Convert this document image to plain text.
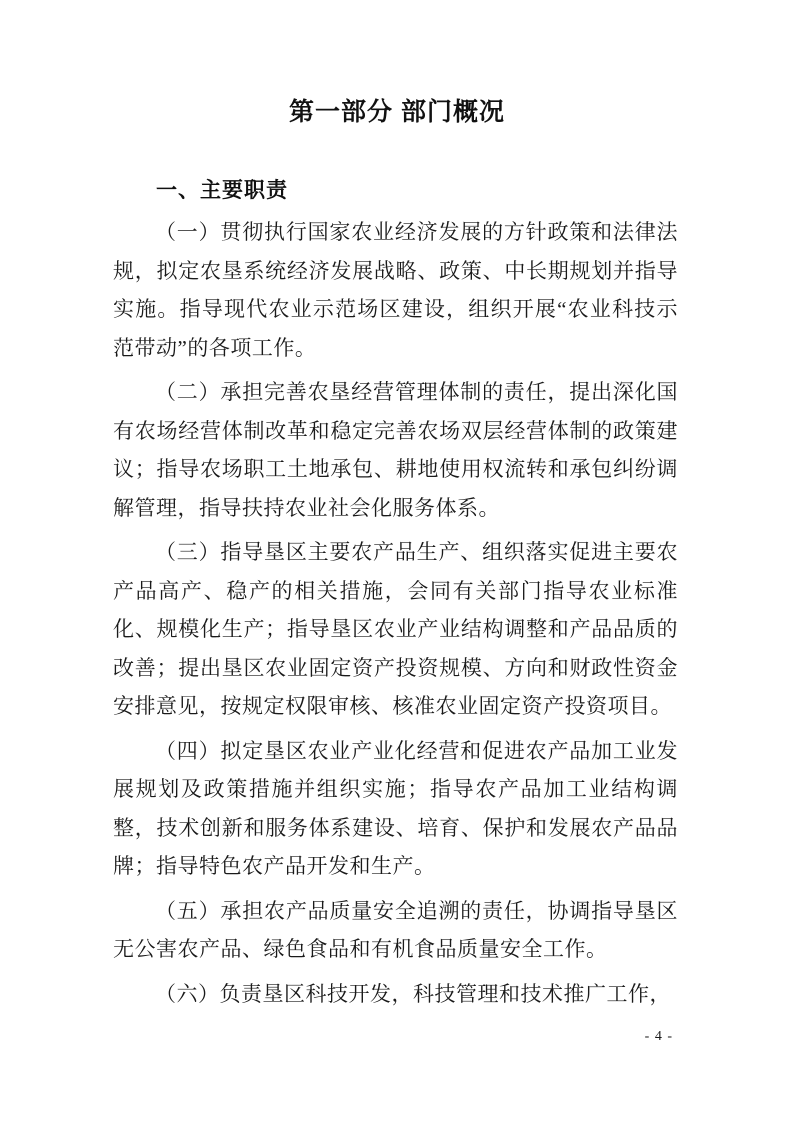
第一部分 部门概况
一、主要职责

（一）贯彻执行国家农业经济发展的方针政策和法律法规，拟定农垦系统经济发展战略、政策、中长期规划并指导实施。指导现代农业示范场区建设，组织开展“农业科技示范带动”的各项工作。

（二）承担完善农垦经营管理体制的责任，提出深化国有农场经营体制改革和稳定完善农场双层经营体制的政策建议；指导农场职工土地承包、耕地使用权流转和承包纠纷调解管理，指导扶持农业社会化服务体系。

（三）指导垦区主要农产品生产、组织落实促进主要农产品高产、稳产的相关措施，会同有关部门指导农业标准化、规模化生产；指导垦区农业产业结构调整和产品品质的改善；提出垦区农业固定资产投资规模、方向和财政性资金安排意见，按规定权限审核、核准农业固定资产投资项目。

（四）拟定垦区农业产业化经营和促进农产品加工业发展规划及政策措施并组织实施；指导农产品加工业结构调整，技术创新和服务体系建设、培育、保护和发展农产品品牌；指导特色农产品开发和生产。

（五）承担农产品质量安全追溯的责任，协调指导垦区无公害农产品、绿色食品和有机食品质量安全工作。

（六）负责垦区科技开发，科技管理和技术推广工作，

- 4 -
